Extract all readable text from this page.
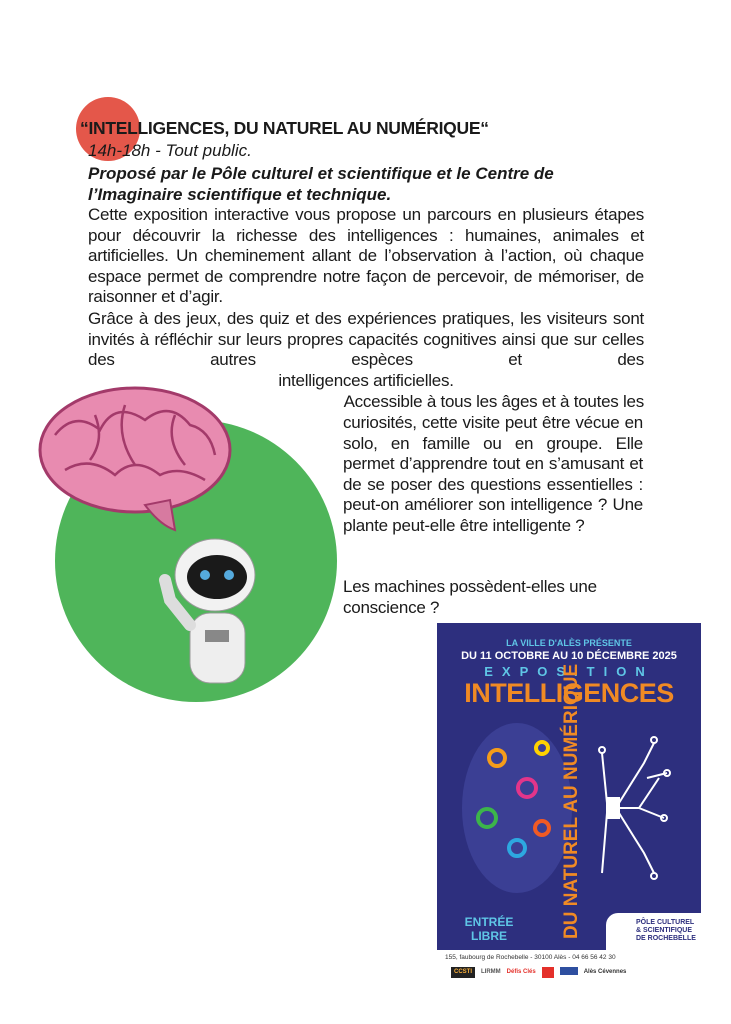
“INTELLIGENCES, DU NATUREL AU NUMÉRIQUE“
14h-18h - Tout public.
Proposé par le Pôle culturel et scientifique et le Centre de l’Imaginaire scientifique et technique.
Cette exposition interactive vous propose un parcours en plusieurs étapes pour découvrir la richesse des intelligences : humaines, animales et artificielles. Un cheminement allant de l’observation à l’action, où chaque espace permet de comprendre notre façon de percevoir, de mémoriser, de raisonner et d’agir.
Grâce à des jeux, des quiz et des expériences pratiques, les visiteurs sont invités à réfléchir sur leurs propres capacités cognitives ainsi que sur celles des autres espèces et des
intelligences artificielles.
Accessible à tous les âges et à toutes les
curiosités, cette visite peut être vécue en solo, en famille ou en groupe. Elle permet d’apprendre tout en s’amusant et de se poser des questions essentielles : peut-on améliorer son intelligence ? Une plante peut-elle être intelligente ?
Les machines possèdent-elles une conscience ?
LA VILLE D'ALÈS PRÉSENTE
DU 11 OCTOBRE AU 10 DÉCEMBRE 2025
EXPOSITION
INTELLIGENCES
DU NATUREL AU NUMÉRIQUE
ENTRÉE LIBRE
PÔLE CULTUREL & SCIENTIFIQUE DE ROCHEBELLE
155, faubourg de Rochebelle - 30100 Alès - 04 66 56 42 30
CCSTI	LIRMM Défis Clés	Alès Cévennes
